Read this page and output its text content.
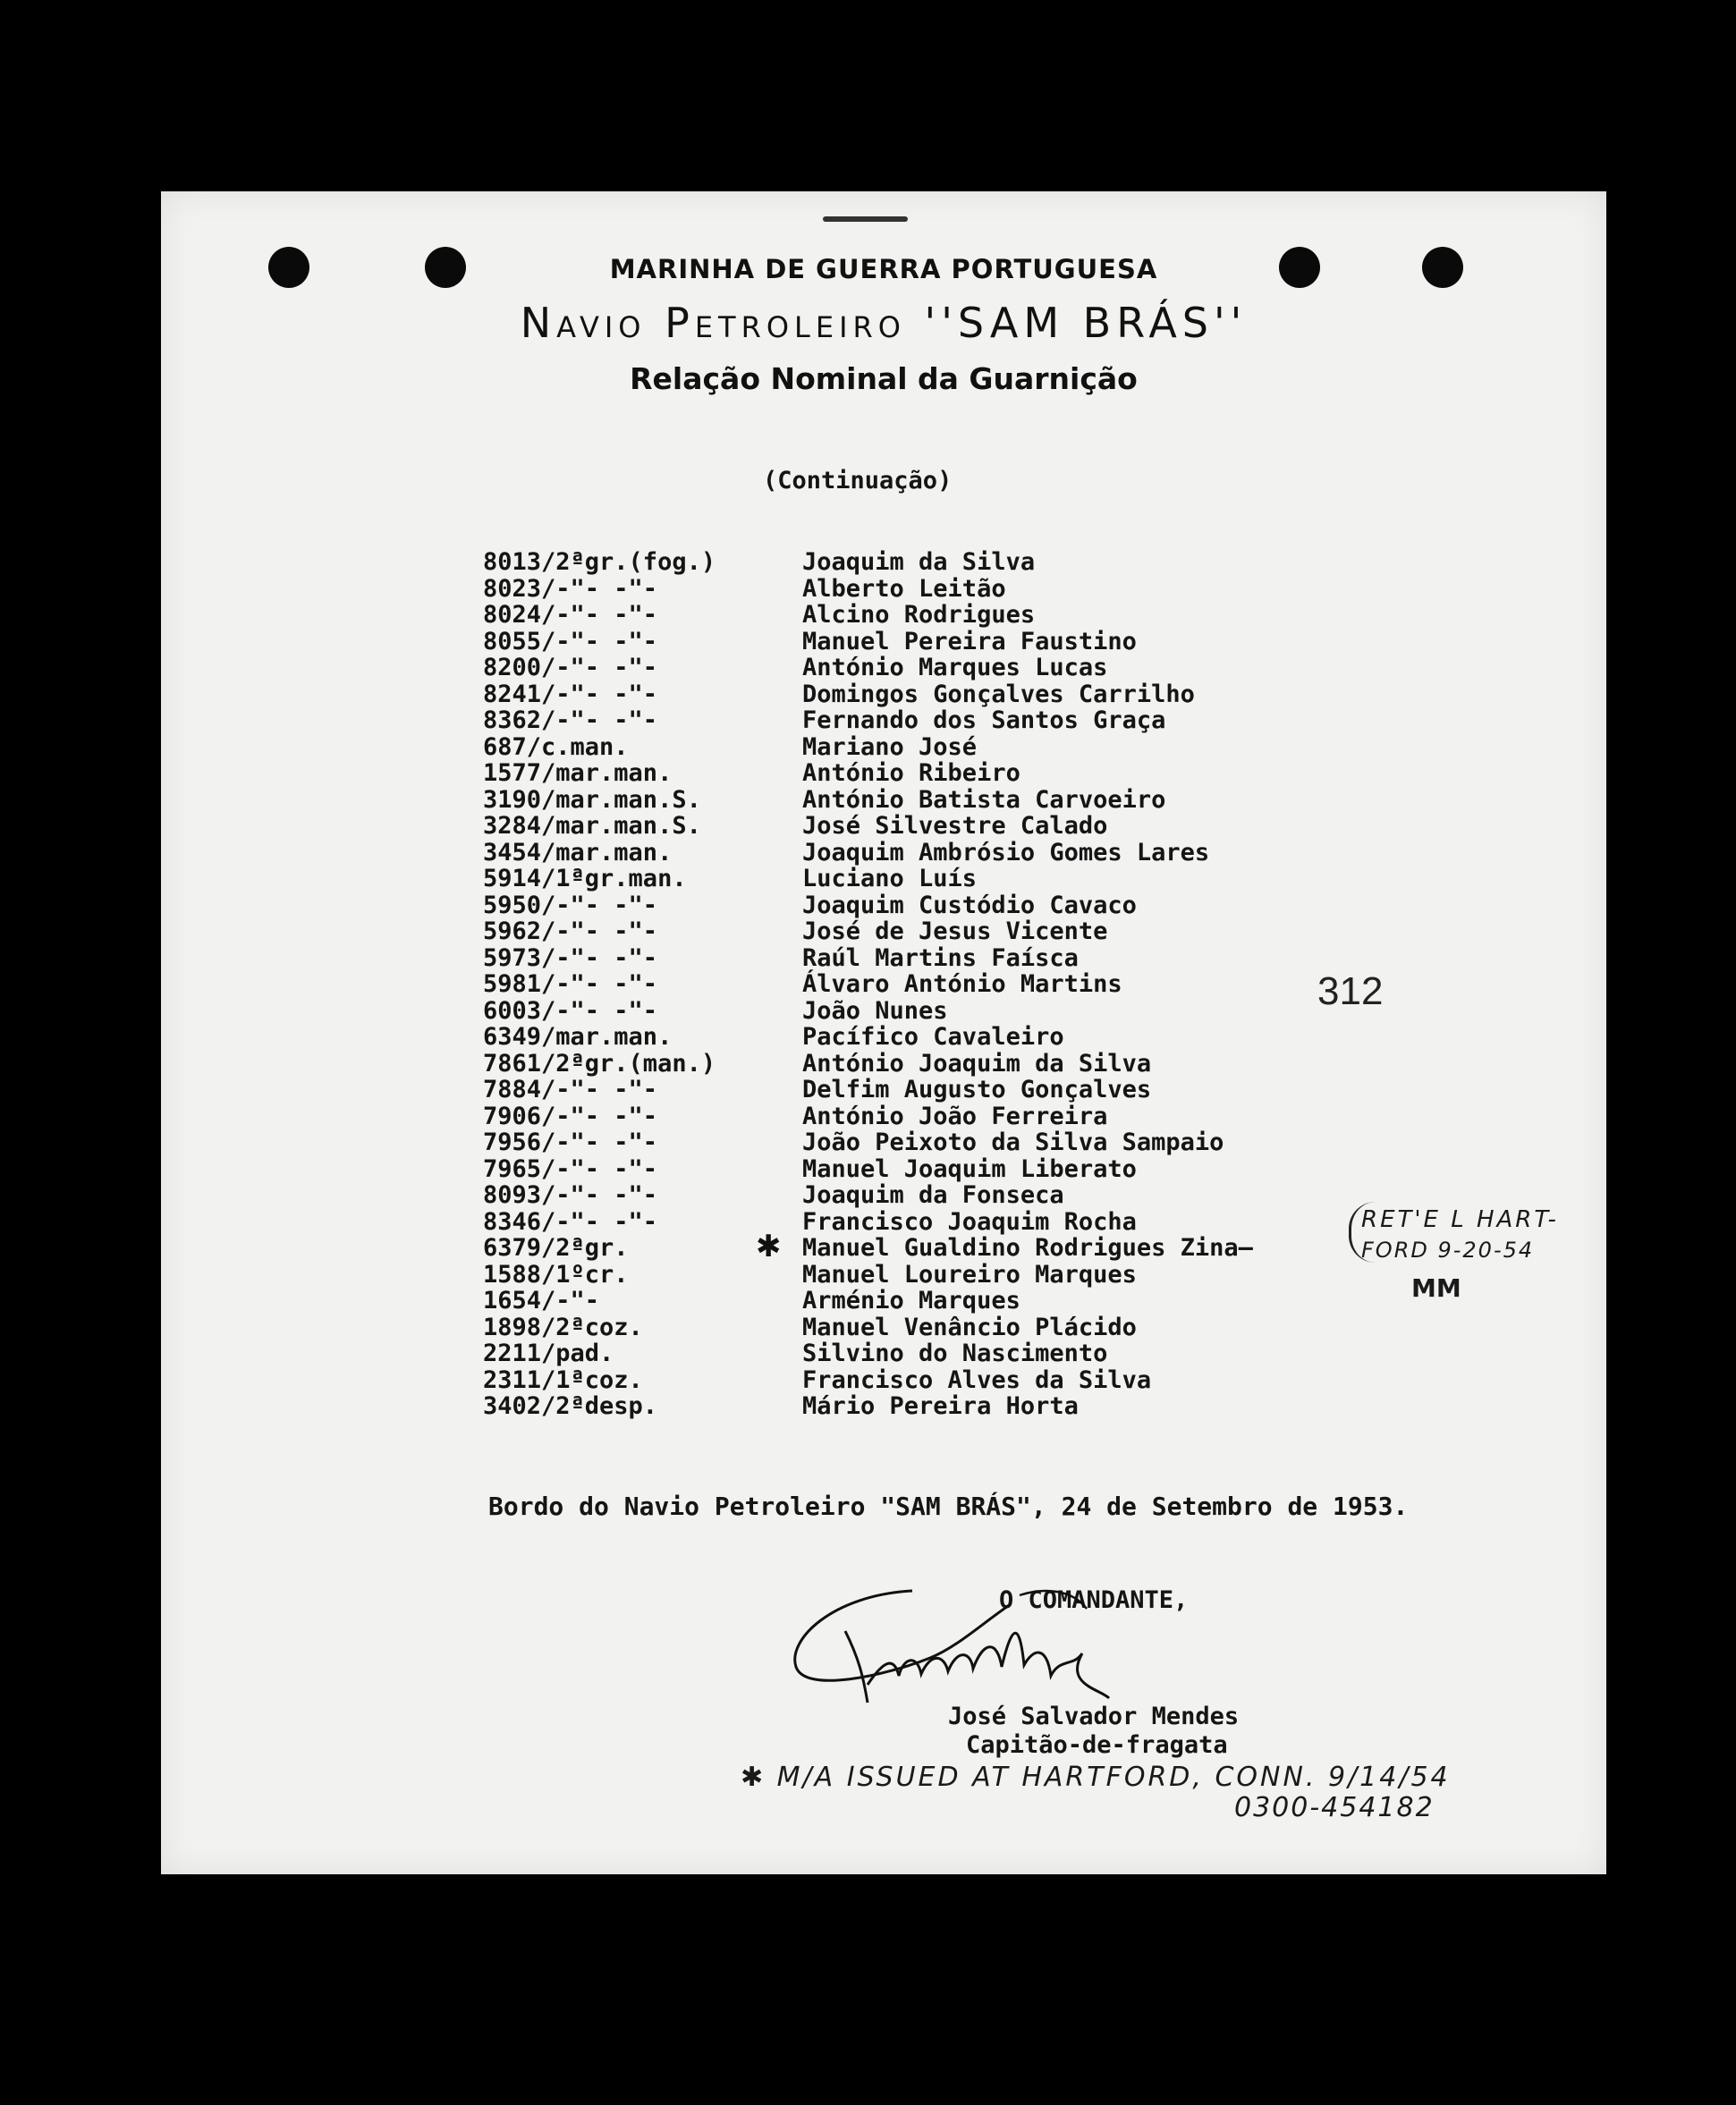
MARINHA DE GUERRA PORTUGUESA
Navio Petroleiro ''SAM BRÁS''
Relação Nominal da Guarnição
(Continuação)
8013/2ªgr.(fog.)	Joaquim da Silva
8023/-"- -"-	Alberto Leitão
8024/-"- -"-	Alcino Rodrigues
8055/-"- -"-	Manuel Pereira Faustino
8200/-"- -"-	António Marques Lucas
8241/-"- -"-	Domingos Gonçalves Carrilho
8362/-"- -"-	Fernando dos Santos Graça
687/c.man.	Mariano José
1577/mar.man.	António Ribeiro
3190/mar.man.S.	António Batista Carvoeiro
3284/mar.man.S.	José Silvestre Calado
3454/mar.man.	Joaquim Ambrósio Gomes Lares
5914/1ªgr.man.	Luciano Luís
5950/-"- -"-	Joaquim Custódio Cavaco
5962/-"- -"-	José de Jesus Vicente
5973/-"- -"-	Raúl Martins Faísca
5981/-"- -"-	Álvaro António Martins
6003/-"- -"-	João Nunes
6349/mar.man.	Pacífico Cavaleiro
7861/2ªgr.(man.)	António Joaquim da Silva
7884/-"- -"-	Delfim Augusto Gonçalves
7906/-"- -"-	António João Ferreira
7956/-"- -"-	João Peixoto da Silva Sampaio
7965/-"- -"-	Manuel Joaquim Liberato
8093/-"- -"-	Joaquim da Fonseca
8346/-"- -"-	Francisco Joaquim Rocha
6379/2ªgr.	Manuel Gualdino Rodrigues Zina—
1588/1ºcr.	Manuel Loureiro Marques
1654/-"-	Arménio Marques
1898/2ªcoz.	Manuel Venâncio Plácido
2211/pad.	Silvino do Nascimento
2311/1ªcoz.	Francisco Alves da Silva
3402/2ªdesp.	Mário Pereira Horta
312
✱
RET'E L HART-
FORD 9-20-54
MM
Bordo do Navio Petroleiro "SAM BRÁS", 24 de Setembro de 1953.
O COMANDANTE,
José Salvador Mendes
Capitão-de-fragata
✱ M/A ISSUED AT HARTFORD, CONN. 9/14/54
0300-454182
